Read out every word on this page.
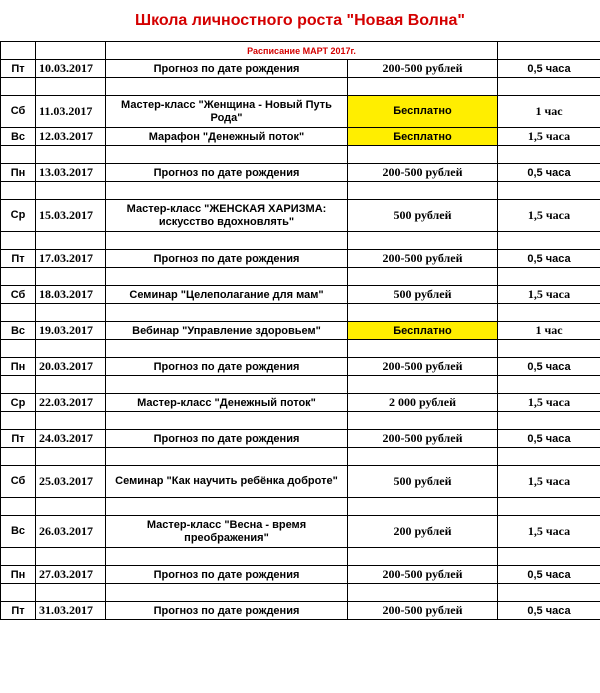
Школа личностного роста "Новая Волна"
		Расписание МАРТ 2017г.		
Пт	10.03.2017	Прогноз по дате рождения	200-500 рублей	0,5 часа

Сб	11.03.2017	Мастер-класс "Женщина - Новый Путь Рода"	Бесплатно	1 час
Вс	12.03.2017	Марафон "Денежный поток"	Бесплатно	1,5 часа

Пн	13.03.2017	Прогноз по дате рождения	200-500 рублей	0,5 часа

Ср	15.03.2017	Мастер-класс "ЖЕНСКАЯ ХАРИЗМА: искусство вдохновлять"	500 рублей	1,5 часа

Пт	17.03.2017	Прогноз по дате рождения	200-500 рублей	0,5 часа

Сб	18.03.2017	Семинар "Целеполагание для мам"	500 рублей	1,5 часа

Вс	19.03.2017	Вебинар "Управление здоровьем"	Бесплатно	1 час

Пн	20.03.2017	Прогноз по дате рождения	200-500 рублей	0,5 часа

Ср	22.03.2017	Мастер-класс "Денежный поток"	2 000 рублей	1,5 часа

Пт	24.03.2017	Прогноз по дате рождения	200-500 рублей	0,5 часа

Сб	25.03.2017	Семинар "Как научить ребёнка доброте"	500 рублей	1,5 часа

Вс	26.03.2017	Мастер-класс "Весна - время преображения"	200 рублей	1,5 часа

Пн	27.03.2017	Прогноз по дате рождения	200-500 рублей	0,5 часа

Пт	31.03.2017	Прогноз по дате рождения	200-500 рублей	0,5 часа
